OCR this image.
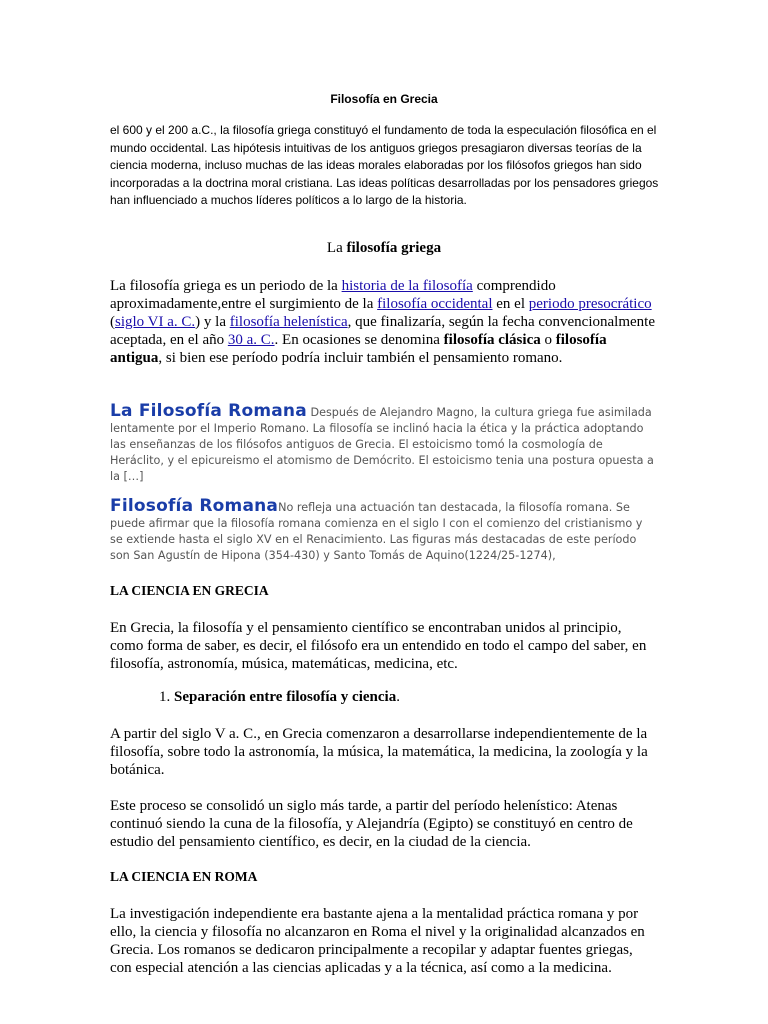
Filosofía en Grecia

el 600 y el 200 a.C., la filosofía griega constituyó el fundamento de toda la especulación filosófica en el mundo occidental. Las hipótesis intuitivas de los antiguos griegos presagiaron diversas teorías de la ciencia moderna, incluso muchas de las ideas morales elaboradas por los filósofos griegos han sido incorporadas a la doctrina moral cristiana. Las ideas políticas desarrolladas por los pensadores griegos han influenciado a muchos líderes políticos a lo largo de la historia.

La filosofía griega

La filosofía griega es un periodo de la historia de la filosofía comprendido aproximadamente,entre el surgimiento de la filosofía occidental en el periodo presocrático (siglo VI a. C.) y la filosofía helenística, que finalizaría, según la fecha convencionalmente aceptada, en el año 30 a. C.. En ocasiones se denomina filosofía clásica o filosofía antigua, si bien ese período podría incluir también el pensamiento romano.

La Filosofía Romana Después de Alejandro Magno, la cultura griega fue asimilada lentamente por el Imperio Romano. La filosofía se inclinó hacia la ética y la práctica adoptando las enseñanzas de los filósofos antiguos de Grecia. El estoicismo tomó la cosmología de Heráclito, y el epicureismo el atomismo de Demócrito. El estoicismo tenia una postura opuesta a la […]

Filosofía RomanaNo refleja una actuación tan destacada, la filosofía romana. Se puede afirmar que la filosofía romana comienza en el siglo I con el comienzo del cristianismo y se extiende hasta el siglo XV en el Renacimiento. Las figuras más destacadas de este período son San Agustín de Hipona (354-430) y Santo Tomás de Aquino(1224/25-1274),

LA CIENCIA EN GRECIA

En Grecia, la filosofía y el pensamiento científico se encontraban unidos al principio, como forma de saber, es decir, el filósofo era un entendido en todo el campo del saber, en filosofía, astronomía, música, matemáticas, medicina, etc.

1. Separación entre filosofía y ciencia.

A partir del siglo V a. C., en Grecia comenzaron a desarrollarse independientemente de la filosofía, sobre todo la astronomía, la música, la matemática, la medicina, la zoología y la botánica.

Este proceso se consolidó un siglo más tarde, a partir del período helenístico: Atenas continuó siendo la cuna de la filosofía, y Alejandría (Egipto) se constituyó en centro de estudio del pensamiento científico, es decir, en la ciudad de la ciencia.

LA CIENCIA EN ROMA

La investigación independiente era bastante ajena a la mentalidad práctica romana y por ello, la ciencia y filosofía no alcanzaron en Roma el nivel y la originalidad alcanzados en Grecia. Los romanos se dedicaron principalmente a recopilar y adaptar fuentes griegas, con especial atención a las ciencias aplicadas y a la técnica, así como a la medicina.
